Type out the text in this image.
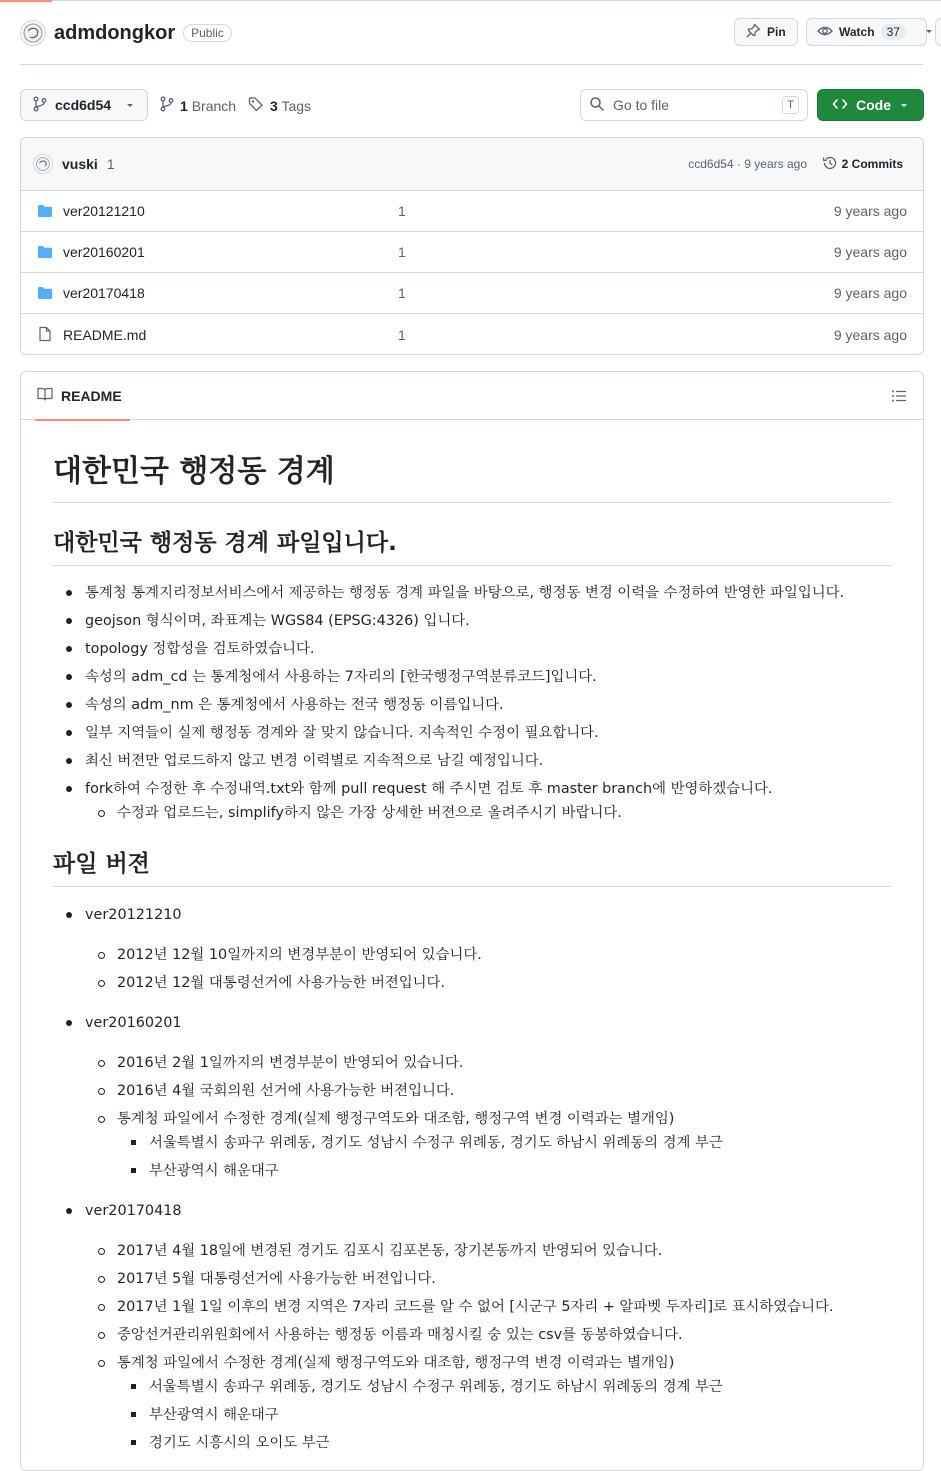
admdongkor	Public	Pin	Watch	37
ccd6d54	1 Branch 3 Tags	Go to file	T	Code
vuski 1	ccd6d54 · 9 years ago	2 Commits
ver20121210	1	9 years ago
ver20160201	1	9 years ago
ver20170418	1	9 years ago
README.md	1	9 years ago
README
대한민국 행정동 경계
대한민국 행정동 경계 파일입니다.
통계청 통계지리정보서비스에서 제공하는 행정동 경계 파일을 바탕으로, 행정동 변경 이력을 수정하여 반영한 파일입니다.
geojson 형식이며, 좌표계는 WGS84 (EPSG:4326) 입니다.
topology 정합성을 검토하였습니다.
속성의 adm_cd 는 통계청에서 사용하는 7자리의 [한국행정구역분류코드]입니다.
속성의 adm_nm 은 통계청에서 사용하는 전국 행정동 이름입니다.
일부 지역들이 실제 행정동 경계와 잘 맞지 않습니다. 지속적인 수정이 필요합니다.
최신 버젼만 업로드하지 않고 변경 이력별로 지속적으로 남길 예정입니다.
fork하여 수정한 후 수정내역.txt와 함께 pull request 해 주시면 검토 후 master branch에 반영하겠습니다.
수정과 업로드는, simplify하지 않은 가장 상세한 버젼으로 올려주시기 바랍니다.
파일 버젼
ver20121210
2012년 12월 10일까지의 변경부분이 반영되어 있습니다.
2012년 12월 대통령선거에 사용가능한 버젼입니다.
ver20160201
2016년 2월 1일까지의 변경부분이 반영되어 있습니다.
2016년 4월 국회의원 선거에 사용가능한 버젼입니다.
통계청 파일에서 수정한 경계(실제 행정구역도와 대조함, 행정구역 변경 이력과는 별개임)
서울특별시 송파구 위례동, 경기도 성남시 수정구 위례동, 경기도 하남시 위례동의 경계 부근
부산광역시 해운대구
ver20170418
2017년 4월 18일에 변경된 경기도 김포시 김포본동, 장기본동까지 반영되어 있습니다.
2017년 5월 대통령선거에 사용가능한 버젼입니다.
2017년 1월 1일 이후의 변경 지역은 7자리 코드를 알 수 없어 [시군구 5자리 + 알파벳 두자리]로 표시하였습니다.
중앙선거관리위원회에서 사용하는 행정동 이름과 매칭시킬 숭 있는 csv를 동봉하였습니다.
통계청 파일에서 수정한 경계(실제 행정구역도와 대조함, 행정구역 변경 이력과는 별개임)
서울특별시 송파구 위례동, 경기도 성남시 수정구 위례동, 경기도 하남시 위례동의 경계 부근
부산광역시 해운대구
경기도 시흥시의 오이도 부근
